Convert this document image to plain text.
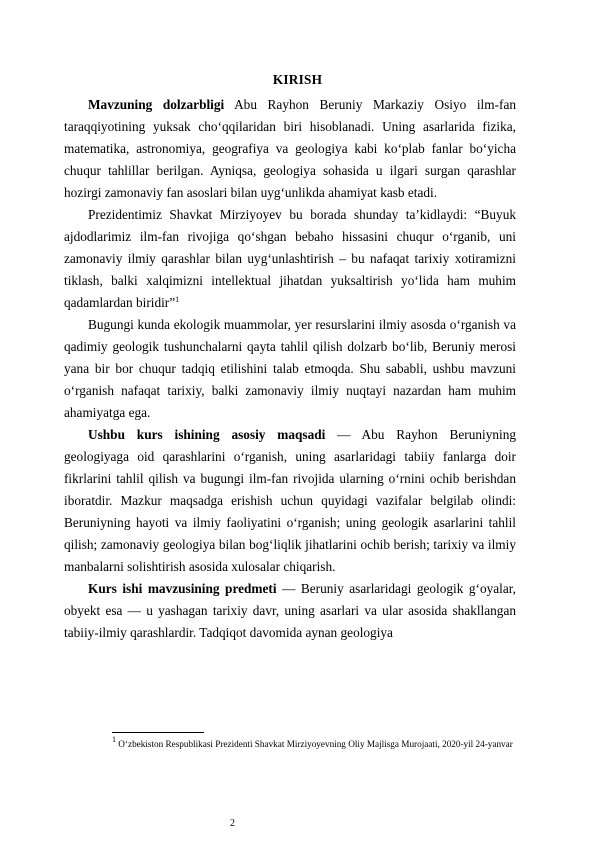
KIRISH

Mavzuning dolzarbligi Abu Rayhon Beruniy Markaziy Osiyo ilm-fan taraqqiyotining yuksak cho‘qqilaridan biri hisoblanadi. Uning asarlarida fizika, matematika, astronomiya, geografiya va geologiya kabi ko‘plab fanlar bo‘yicha chuqur tahlillar berilgan. Ayniqsa, geologiya sohasida u ilgari surgan qarashlar hozirgi zamonaviy fan asoslari bilan uyg‘unlikda ahamiyat kasb etadi.

Prezidentimiz Shavkat Mirziyoyev bu borada shunday ta’kidlaydi: “Buyuk ajdodlarimiz ilm-fan rivojiga qo‘shgan bebaho hissasini chuqur o‘rganib, uni zamonaviy ilmiy qarashlar bilan uyg‘unlashtirish – bu nafaqat tarixiy xotiramizni tiklash, balki xalqimizni intellektual jihatdan yuksaltirish yo‘lida ham muhim qadamlardan biridir”$^1$

Bugungi kunda ekologik muammolar, yer resurslarini ilmiy asosda o‘rganish va qadimiy geologik tushunchalarni qayta tahlil qilish dolzarb bo‘lib, Beruniy merosi yana bir bor chuqur tadqiq etilishini talab etmoqda. Shu sababli, ushbu mavzuni o‘rganish nafaqat tarixiy, balki zamonaviy ilmiy nuqtayi nazardan ham muhim ahamiyatga ega.

Ushbu kurs ishining asosiy maqsadi — Abu Rayhon Beruniyning geologiyaga oid qarashlarini o‘rganish, uning asarlaridagi tabiiy fanlarga doir fikrlarini tahlil qilish va bugungi ilm-fan rivojida ularning o‘rnini ochib berishdan iboratdir. Mazkur maqsadga erishish uchun quyidagi vazifalar belgilab olindi: Beruniyning hayoti va ilmiy faoliyatini o‘rganish; uning geologik asarlarini tahlil qilish; zamonaviy geologiya bilan bog‘liqlik jihatlarini ochib berish; tarixiy va ilmiy manbalarni solishtirish asosida xulosalar chiqarish.

Kurs ishi mavzusining predmeti — Beruniy asarlaridagi geologik g‘oyalar, obyekt esa — u yashagan tarixiy davr, uning asarlari va ular asosida shakllangan tabiiy-ilmiy qarashlardir. Tadqiqot davomida aynan geologiya

$^1$ O‘zbekiston Respublikasi Prezidenti Shavkat Mirziyoyevning Oliy Majlisga Murojaati, 2020-yil 24-yanvar

2
